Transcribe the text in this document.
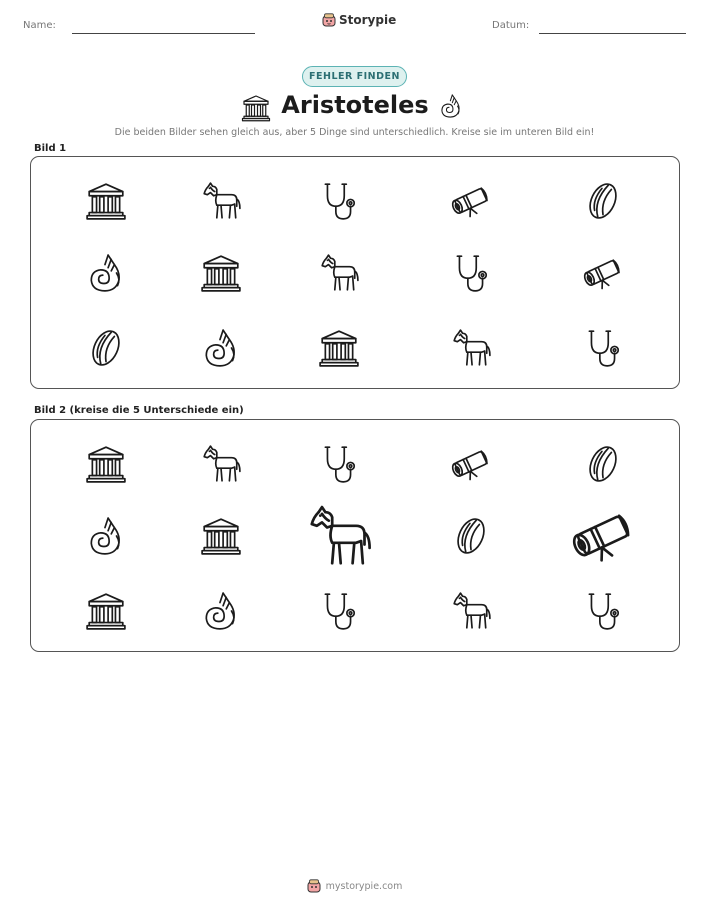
Name:	Storypie	Datum:
FEHLER FINDEN
Aristoteles
Die beiden Bilder sehen gleich aus, aber 5 Dinge sind unterschiedlich. Kreise sie im unteren Bild ein!
Bild 1
Bild 2 (kreise die 5 Unterschiede ein)
mystorypie.com
